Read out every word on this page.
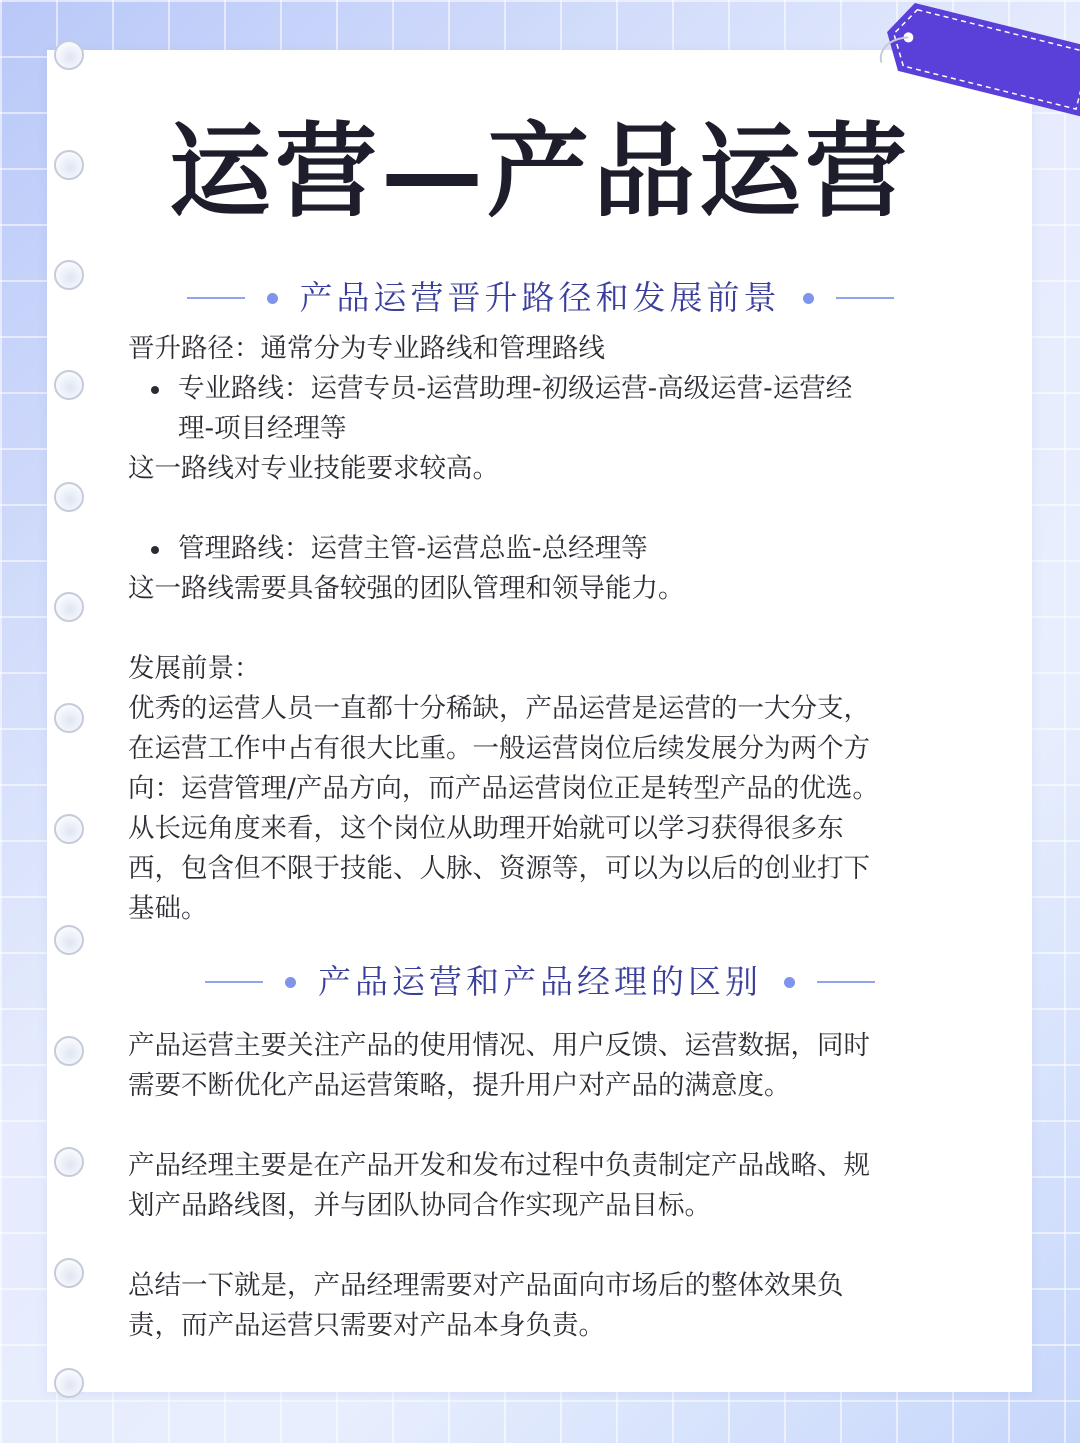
运营—产品运营
产品运营晋升路径和发展前景

晋升路径：通常分为专业路线和管理路线

专业路线：运营专员-运营助理-初级运营-高级运营-运营经

理-项目经理等

这一路线对专业技能要求较高。

管理路线：运营主管-运营总监-总经理等

这一路线需要具备较强的团队管理和领导能力。

发展前景：

优秀的运营人员一直都十分稀缺，产品运营是运营的一大分支，

在运营工作中占有很大比重。一般运营岗位后续发展分为两个方

向：运营管理/产品方向，而产品运营岗位正是转型产品的优选。

从长远角度来看，这个岗位从助理开始就可以学习获得很多东

西，包含但不限于技能、人脉、资源等，可以为以后的创业打下

基础。

产品运营和产品经理的区别

产品运营主要关注产品的使用情况、用户反馈、运营数据，同时

需要不断优化产品运营策略，提升用户对产品的满意度。

产品经理主要是在产品开发和发布过程中负责制定产品战略、规

划产品路线图，并与团队协同合作实现产品目标。

总结一下就是，产品经理需要对产品面向市场后的整体效果负

责，而产品运营只需要对产品本身负责。
